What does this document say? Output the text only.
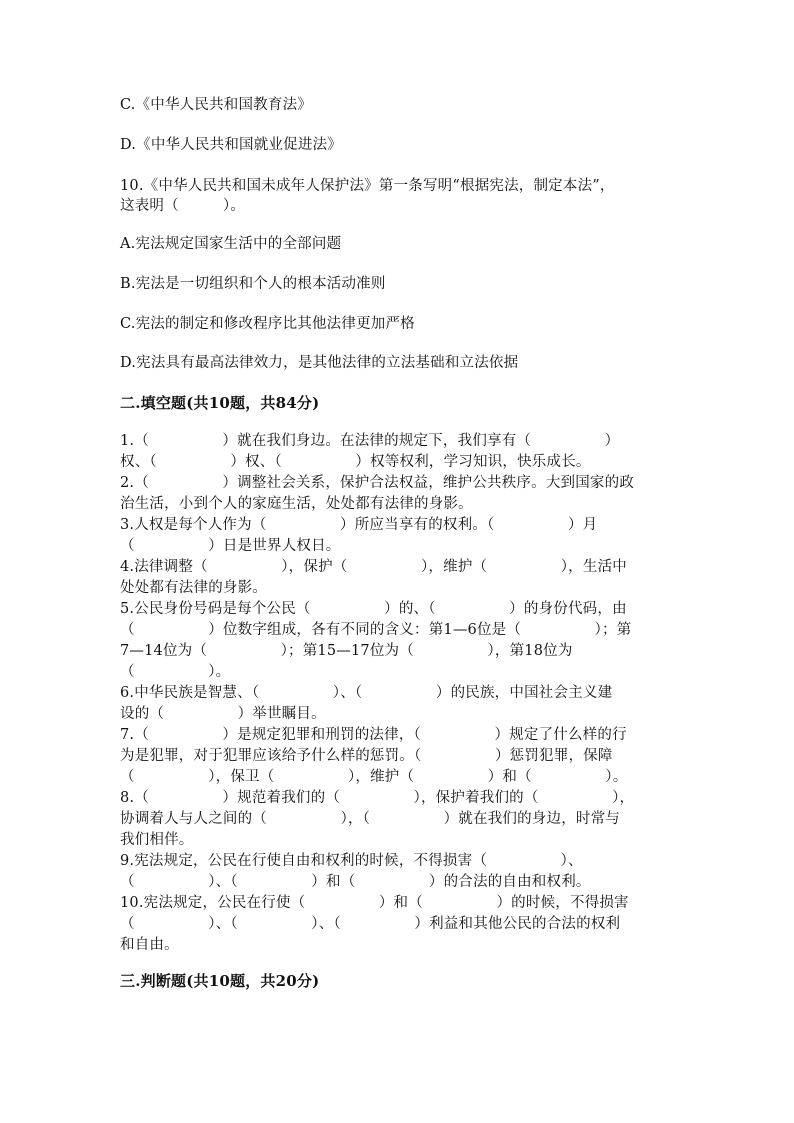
C.《中华人民共和国教育法》
D.《中华人民共和国就业促进法》
10.《中华人民共和国未成年人保护法》第一条写明“根据宪法，制定本法”，
这表明（　　　）。
A.宪法规定国家生活中的全部问题
B.宪法是一切组织和个人的根本活动准则
C.宪法的制定和修改程序比其他法律更加严格
D.宪法具有最高法律效力，是其他法律的立法基础和立法依据
二.填空题(共10题，共84分)
1.（　　　　　）就在我们身边。在法律的规定下，我们享有（　　　　　）
权、（　　　　　）权、（　　　　　）权等权利，学习知识，快乐成长。
2.（　　　　　）调整社会关系，保护合法权益，维护公共秩序。大到国家的政
治生活，小到个人的家庭生活，处处都有法律的身影。
3.人权是每个人作为（　　　　　）所应当享有的权利。（　　　　　）月
（　　　　　）日是世界人权日。
4.法律调整（　　　　　），保护（　　　　　），维护（　　　　　），生活中
处处都有法律的身影。
5.公民身份号码是每个公民（　　　　　）的、（　　　　　）的身份代码，由
（　　　　　）位数字组成，各有不同的含义：第1—6位是（　　　　　）；第
7—14位为（　　　　　）；第15—17位为（　　　　　），第18位为
（　　　　　）。
6.中华民族是智慧、（　　　　　）、（　　　　　）的民族，中国社会主义建
设的（　　　　　）举世瞩目。
7.（　　　　　）是规定犯罪和刑罚的法律，（　　　　　）规定了什么样的行
为是犯罪，对于犯罪应该给予什么样的惩罚。（　　　　　）惩罚犯罪，保障
（　　　　　），保卫（　　　　　），维护（　　　　　）和（　　　　　）。
8.（　　　　　）规范着我们的（　　　　　），保护着我们的（　　　　　），
协调着人与人之间的（　　　　　），（　　　　　）就在我们的身边，时常与
我们相伴。
9.宪法规定，公民在行使自由和权利的时候，不得损害（　　　　　）、
（　　　　　）、（　　　　　）和（　　　　　）的合法的自由和权利。
10.宪法规定，公民在行使（　　　　　）和（　　　　　）的时候，不得损害
（　　　　　）、（　　　　　）、（　　　　　）利益和其他公民的合法的权利
和自由。
三.判断题(共10题，共20分)
